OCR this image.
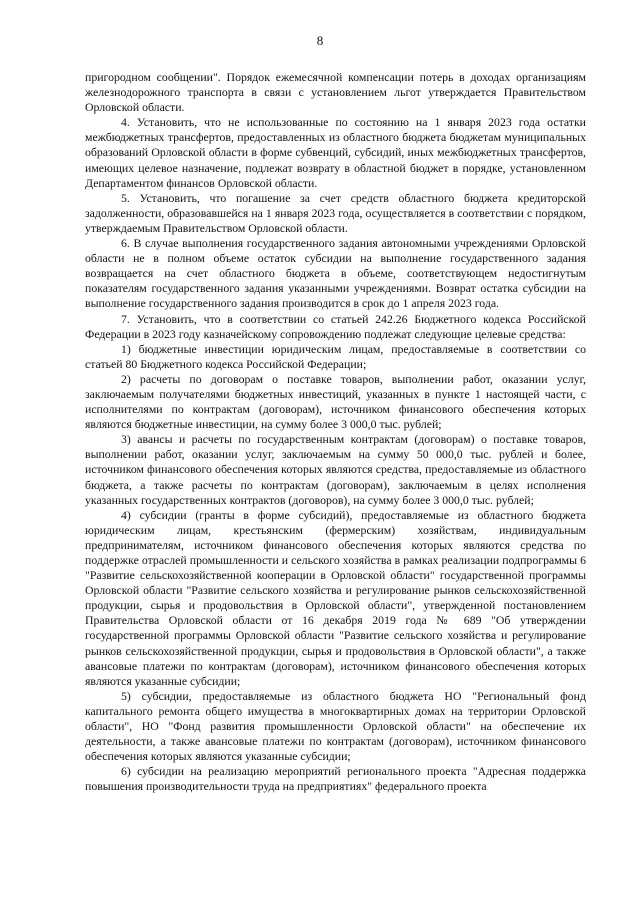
8

пригородном сообщении". Порядок ежемесячной компенсации потерь в доходах организациям железнодорожного транспорта в связи с установлением льгот утверждается Правительством Орловской области.

4. Установить, что не использованные по состоянию на 1 января 2023 года остатки межбюджетных трансфертов, предоставленных из областного бюджета бюджетам муниципальных образований Орловской области в форме субвенций, субсидий, иных межбюджетных трансфертов, имеющих целевое назначение, подлежат возврату в областной бюджет в порядке, установленном Департаментом финансов Орловской области.

5. Установить, что погашение за счет средств областного бюджета кредиторской задолженности, образовавшейся на 1 января 2023 года, осуществляется в соответствии с порядком, утверждаемым Правительством Орловской области.

6. В случае выполнения государственного задания автономными учреждениями Орловской области не в полном объеме остаток субсидии на выполнение государственного задания возвращается на счет областного бюджета в объеме, соответствующем недостигнутым показателям государственного задания указанными учреждениями. Возврат остатка субсидии на выполнение государственного задания производится в срок до 1 апреля 2023 года.

7. Установить, что в соответствии со статьей 242.26 Бюджетного кодекса Российской Федерации в 2023 году казначейскому сопровождению подлежат следующие целевые средства:

1) бюджетные инвестиции юридическим лицам, предоставляемые в соответствии со статьей 80 Бюджетного кодекса Российской Федерации;

2) расчеты по договорам о поставке товаров, выполнении работ, оказании услуг, заключаемым получателями бюджетных инвестиций, указанных в пункте 1 настоящей части, с исполнителями по контрактам (договорам), источником финансового обеспечения которых являются бюджетные инвестиции, на сумму более 3 000,0 тыс. рублей;

3) авансы и расчеты по государственным контрактам (договорам) о поставке товаров, выполнении работ, оказании услуг, заключаемым на сумму 50 000,0 тыс. рублей и более, источником финансового обеспечения которых являются средства, предоставляемые из областного бюджета, а также расчеты по контрактам (договорам), заключаемым в целях исполнения указанных государственных контрактов (договоров), на сумму более 3 000,0 тыс. рублей;

4) субсидии (гранты в форме субсидий), предоставляемые из областного бюджета юридическим лицам, крестьянским (фермерским) хозяйствам, индивидуальным предпринимателям, источником финансового обеспечения которых являются средства по поддержке отраслей промышленности и сельского хозяйства в рамках реализации подпрограммы 6 "Развитие сельскохозяйственной кооперации в Орловской области" государственной программы Орловской области "Развитие сельского хозяйства и регулирование рынков сельскохозяйственной продукции, сырья и продовольствия в Орловской области", утвержденной постановлением Правительства Орловской области от 16 декабря 2019 года № 689 "Об утверждении государственной программы Орловской области "Развитие сельского хозяйства и регулирование рынков сельскохозяйственной продукции, сырья и продовольствия в Орловской области", а также авансовые платежи по контрактам (договорам), источником финансового обеспечения которых являются указанные субсидии;

5) субсидии, предоставляемые из областного бюджета НО "Региональный фонд капитального ремонта общего имущества в многоквартирных домах на территории Орловской области", НО "Фонд развития промышленности Орловской области" на обеспечение их деятельности, а также авансовые платежи по контрактам (договорам), источником финансового обеспечения которых являются указанные субсидии;

6) субсидии на реализацию мероприятий регионального проекта "Адресная поддержка повышения производительности труда на предприятиях" федерального проекта
